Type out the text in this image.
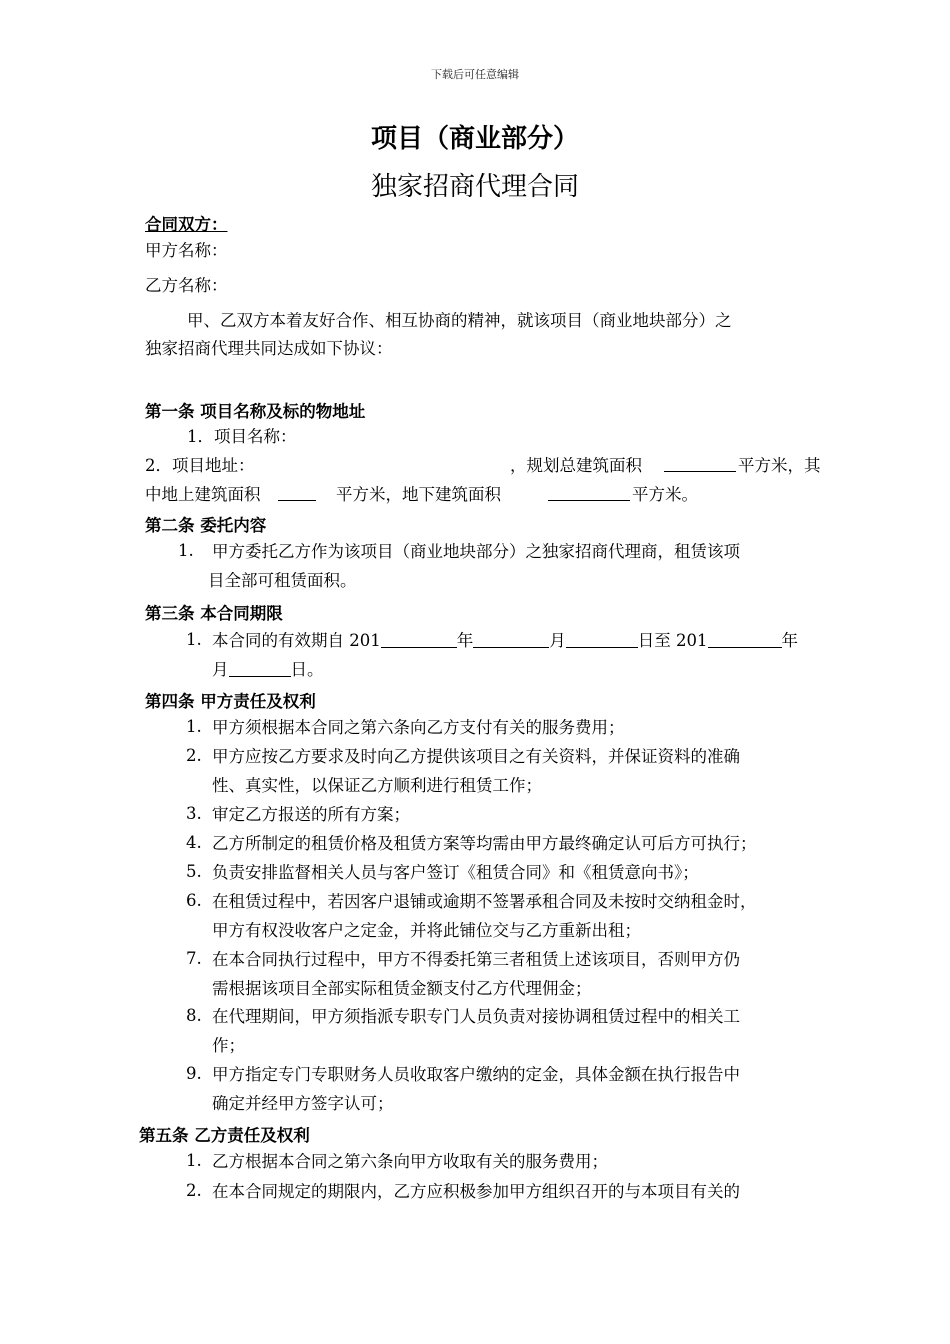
下载后可任意编辑
项目（商业部分）
独家招商代理合同
合同双方：
甲方名称：
乙方名称：
甲、乙双方本着友好合作、相互协商的精神，就该项目（商业地块部分）之
独家招商代理共同达成如下协议：
第一条 项目名称及标的物地址
1．项目名称：
2．项目地址：	，规划总建筑面积	平方米，其
中地上建筑面积	平方米，地下建筑面积	平方米。
第二条 委托内容
1. 甲方委托乙方作为该项目（商业地块部分）之独家招商代理商，租赁该项
目全部可租赁面积。
第三条 本合同期限
1. 本合同的有效期自 201	年	月	日至 201	年
月	日。
第四条 甲方责任及权利
1. 甲方须根据本合同之第六条向乙方支付有关的服务费用；
2. 甲方应按乙方要求及时向乙方提供该项目之有关资料，并保证资料的准确
性、真实性，以保证乙方顺利进行租赁工作；
3. 审定乙方报送的所有方案；
4. 乙方所制定的租赁价格及租赁方案等均需由甲方最终确定认可后方可执行；
5. 负责安排监督相关人员与客户签订《租赁合同》和《租赁意向书》；
6. 在租赁过程中，若因客户退铺或逾期不签署承租合同及未按时交纳租金时，
甲方有权没收客户之定金，并将此铺位交与乙方重新出租；
7. 在本合同执行过程中，甲方不得委托第三者租赁上述该项目，否则甲方仍
需根据该项目全部实际租赁金额支付乙方代理佣金；
8. 在代理期间，甲方须指派专职专门人员负责对接协调租赁过程中的相关工
作；
9. 甲方指定专门专职财务人员收取客户缴纳的定金，具体金额在执行报告中
确定并经甲方签字认可；
第五条 乙方责任及权利
1. 乙方根据本合同之第六条向甲方收取有关的服务费用；
2. 在本合同规定的期限内，乙方应积极参加甲方组织召开的与本项目有关的
